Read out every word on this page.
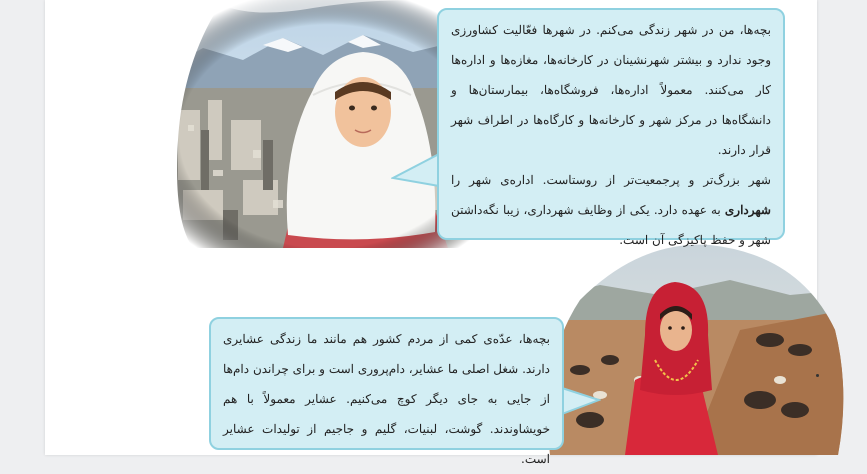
بچه‌ها، من در شهر زندگی می‌کنم. در شهرها فعّالیت کشاورزی وجود ندارد و بیشتر شهرنشینان در کارخانه‌ها، مغازه‌ها و اداره‌ها کار می‌کنند. معمولاً اداره‌ها، فروشگاه‌ها، بیمارستان‌ها و دانشگاه‌ها در مرکز شهر و کارخانه‌ها و کارگاه‌ها در اطراف شهر قرار دارند.

شهر بزرگ‌تر و پرجمعیت‌تر از روستاست. اداره‌ی شهر را شهرداری به عهده دارد. یکی از وظایف شهرداری، زیبا نگه‌داشتن شهر و حفظ پاکیزگی آن است.

بچه‌ها، عدّه‌ی کمی از مردم کشور هم مانند ما زندگی عشایری دارند. شغل اصلی ما عشایر، دام‌پروری است و برای چراندن دام‌ها از جایی به جای دیگر کوچ می‌کنیم. عشایر معمولاً با هم خویشاوندند. گوشت، لبنیات، گلیم و جاجیم از تولیدات عشایر است.
